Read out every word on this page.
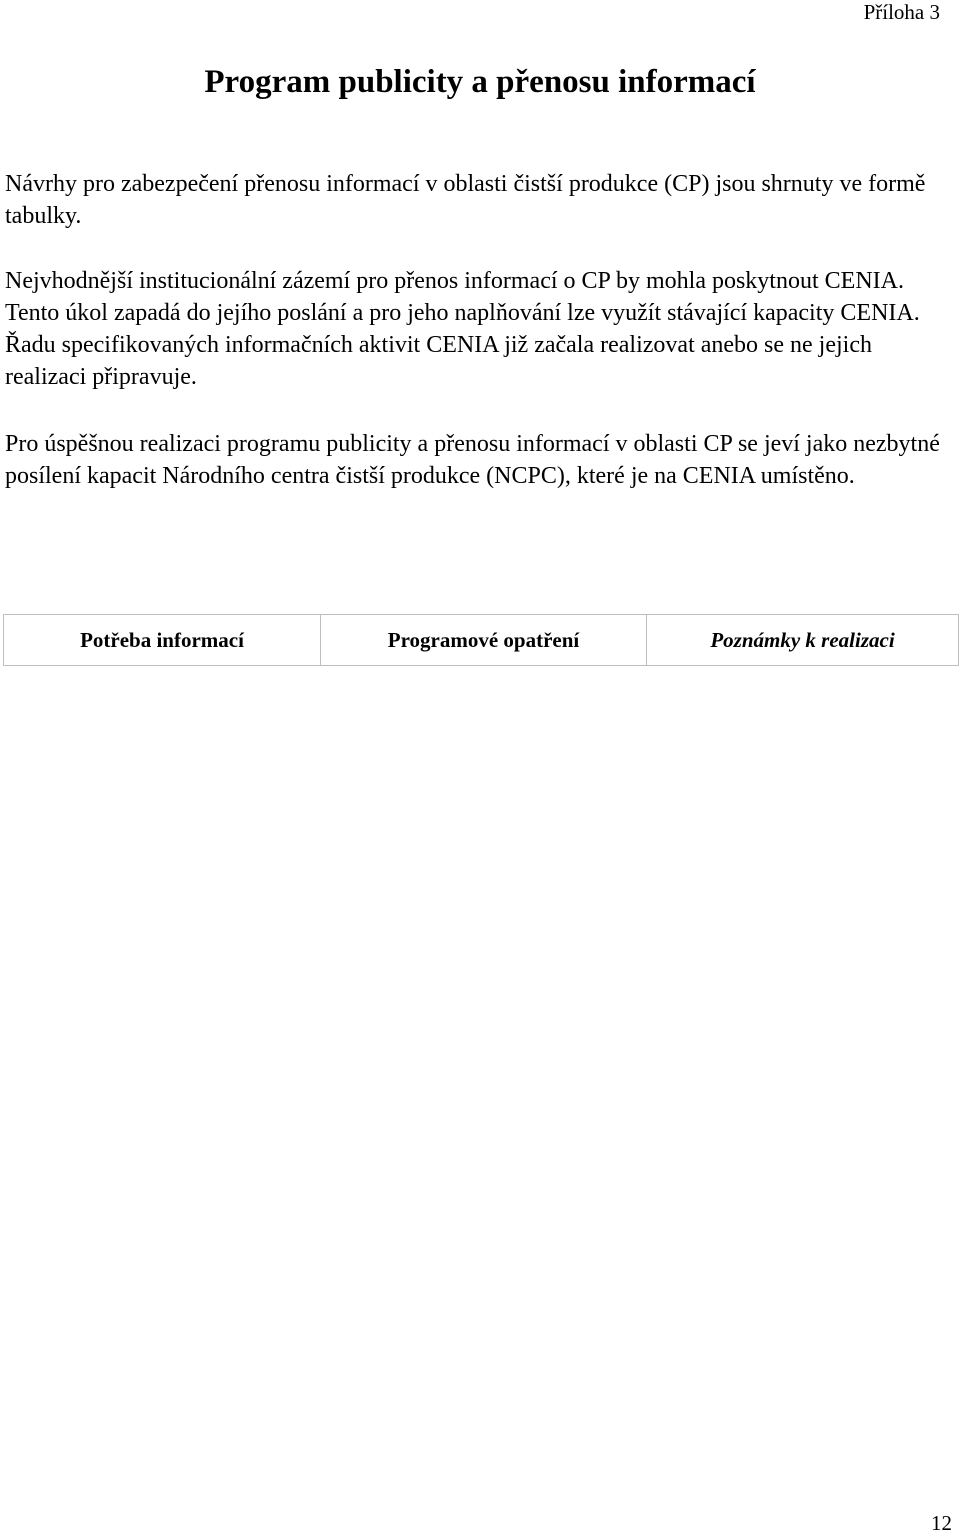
Příloha 3
Program publicity a přenosu informací

Návrhy pro zabezpečení přenosu informací v oblasti čistší produkce (CP) jsou shrnuty ve formě tabulky.

Nejvhodnější institucionální zázemí pro přenos informací o CP by mohla poskytnout CENIA. Tento úkol zapadá do jejího poslání a pro jeho naplňování lze využít stávající kapacity CENIA. Řadu specifikovaných informačních aktivit CENIA již začala realizovat anebo se ne jejich realizaci připravuje.

Pro úspěšnou realizaci programu publicity a přenosu informací v oblasti CP se jeví jako nezbytné posílení kapacit Národního centra čistší produkce (NCPC), které je na CENIA umístěno.

Potřeba informací	Programové opatření	Poznámky k realizaci
12
